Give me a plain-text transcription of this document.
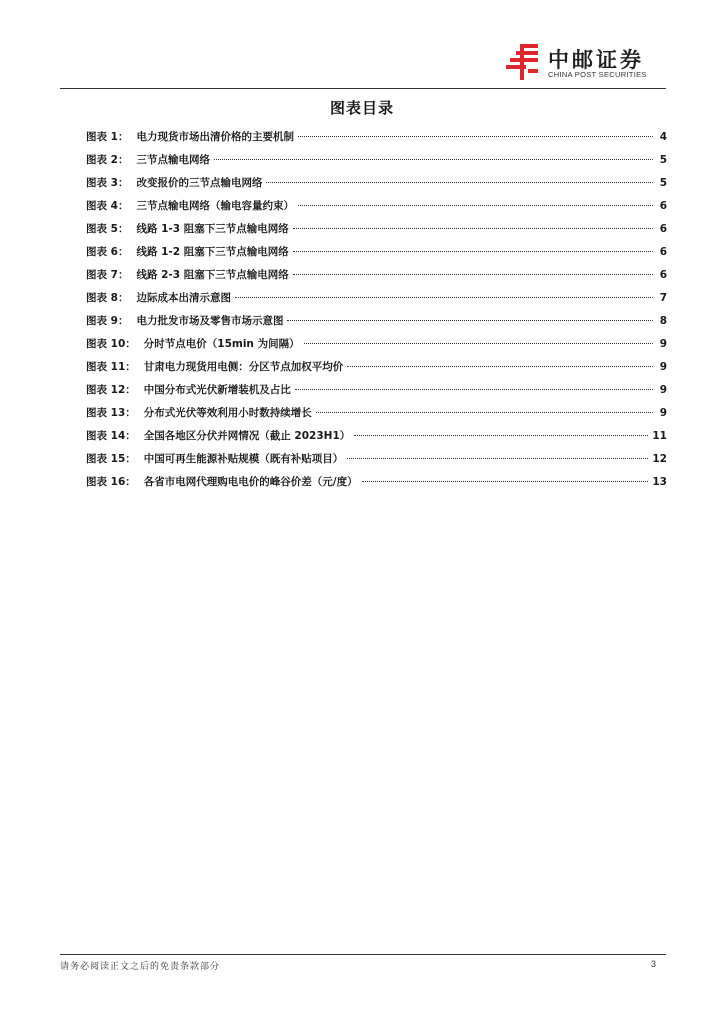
中邮证券
CHINA POST SECURITIES
图表目录
图表 1： 电力现货市场出清价格的主要机制	4
图表 2： 三节点输电网络	5
图表 3： 改变报价的三节点输电网络	5
图表 4： 三节点输电网络（输电容量约束）	6
图表 5： 线路 1-3 阻塞下三节点输电网络	6
图表 6： 线路 1-2 阻塞下三节点输电网络	6
图表 7： 线路 2-3 阻塞下三节点输电网络	6
图表 8： 边际成本出清示意图	7
图表 9： 电力批发市场及零售市场示意图	8
图表 10： 分时节点电价（15min 为间隔）	9
图表 11： 甘肃电力现货用电侧：分区节点加权平均价	9
图表 12： 中国分布式光伏新增装机及占比	9
图表 13： 分布式光伏等效利用小时数持续增长	9
图表 14： 全国各地区分伏并网情况（截止 2023H1）	11
图表 15： 中国可再生能源补贴规模（既有补贴项目）	12
图表 16： 各省市电网代理购电电价的峰谷价差（元/度）	13
请务必阅读正文之后的免责条款部分	3
